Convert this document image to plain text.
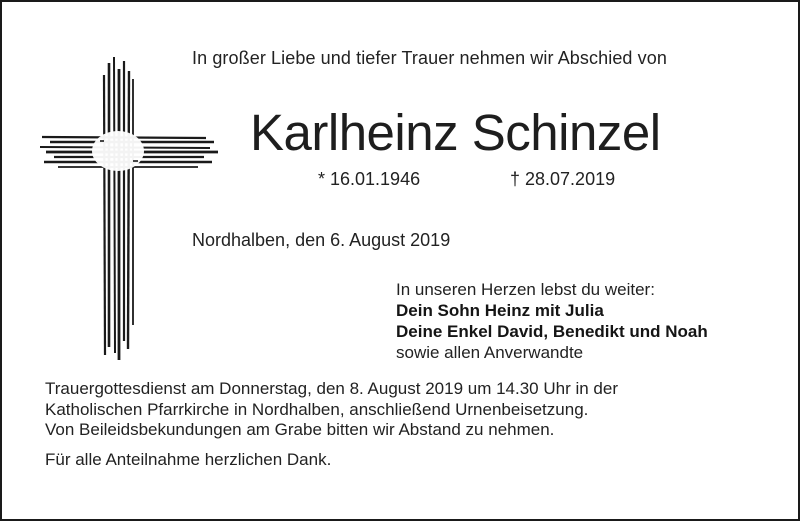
In großer Liebe und tiefer Trauer nehmen wir Abschied von
Karlheinz Schinzel
* 16.01.1946	† 28.07.2019
Nordhalben, den 6. August 2019
In unseren Herzen lebst du weiter:
Dein Sohn Heinz mit Julia
Deine Enkel David, Benedikt und Noah
sowie allen Anverwandte
Trauergottesdienst am Donnerstag, den 8. August 2019 um 14.30 Uhr in der
Katholischen Pfarrkirche in Nordhalben, anschließend Urnenbeisetzung.
Von Beileidsbekundungen am Grabe bitten wir Abstand zu nehmen.
Für alle Anteilnahme herzlichen Dank.
